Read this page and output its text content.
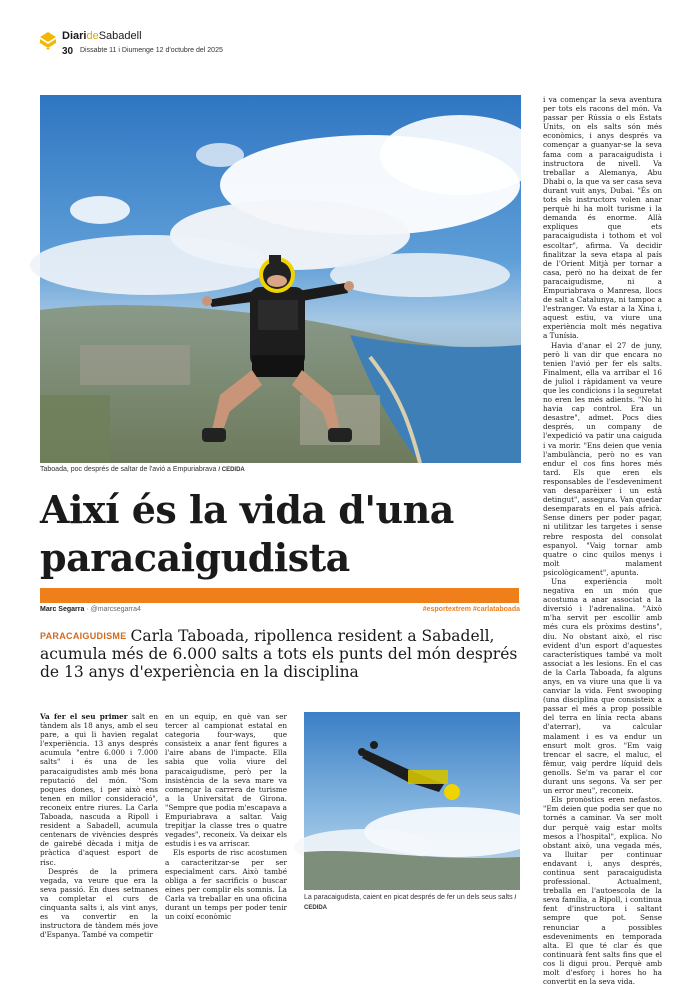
DiarideSabadell
30 Dissabte 11 i Diumenge 12 d'octubre del 2025
Taboada, poc després de saltar de l'avió a Empuriabrava / CEDIDA
Així és la vida d'una paracaigudista
Marc Segarra · @marcsegarra4	#esportextrem #carlataboada
PARACAIGUDISME Carla Taboada, ripollenca resident a Sabadell, acumula més de 6.000 salts a tots els punts del món després de 13 anys d'experiència en la disciplina

Va fer el seu primer salt en tàndem als 18 anys, amb el seu pare, a qui li havien regalat l'experiència. 13 anys després acumula "entre 6.000 i 7.000 salts" i és una de les paracaigudistes amb més bona reputació del món. "Som poques dones, i per això ens tenen en millor consideració", reconeix entre riures. La Carla Taboada, nascuda a Ripoll i resident a Sabadell, acumula centenars de vivències després de gairebé dècada i mitja de pràctica d'aquest esport de risc.

Després de la primera vegada, va veure que era la seva passió. En dues setmanes va completar el curs de cinquanta salts i, als vint anys, es va convertir en la instructora de tàndem més jove d'Espanya. També va competir

en un equip, en què van ser tercer al campionat estatal en categoria four-ways, que consisteix a anar fent figures a l'aire abans de l'impacte. Ella sabia que volia viure del paracaigudisme, però per la insistència de la seva mare va començar la carrera de turisme a la Universitat de Girona. "Sempre que podia m'escapava a Empuriabrava a saltar. Vaig trepitjar la classe tres o quatre vegades", reconeix. Va deixar els estudis i es va arriscar.

Els esports de risc acostumen a caracteritzar-se per ser especialment cars. Això també obliga a fer sacrificis o buscar eines per complir els somnis. La Carla va treballar en una oficina durant un temps per poder tenir un coixí econòmic

La paracaigudista, caient en picat després de fer un dels seus salts / CEDIDA

i va començar la seva aventura per tots els racons del món. Va passar per Rússia o els Estats Units, on els salts són més econòmics, i anys després va començar a guanyar-se la seva fama com a paracaigudista i instructora de nivell. Va treballar a Alemanya, Abu Dhabi o, la que va ser casa seva durant vuit anys, Dubai. "És on tots els instructors volen anar perquè hi ha molt turisme i la demanda és enorme. Allà expliques que ets paracaigudista i tothom et vol escoltar", afirma. Va decidir finalitzar la seva etapa al país de l'Orient Mitjà per tornar a casa, però no ha deixat de fer paracaigudisme, ni a Empuriabrava o Manresa, llocs de salt a Catalunya, ni tampoc a l'estranger. Va estar a la Xina i, aquest estiu, va viure una experiència molt més negativa a Tunísia.

Havia d'anar el 27 de juny, però li van dir que encara no tenien l'avió per fer els salts. Finalment, ella va arribar el 16 de juliol i ràpidament va veure que les condicions i la seguretat no eren les més adients. "No hi havia cap control. Era un desastre", admet. Pocs dies després, un company de l'expedició va patir una caiguda i va morir. "Ens deien que venia l'ambulància, però no es van endur el cos fins hores més tard. Els que eren els responsables de l'esdeveniment van desaparèixer i un està detingut", assegura. Van quedar desemparats en el país africà. Sense diners per poder pagar, ni utilitzar les targetes i sense rebre resposta del consolat espanyol. "Vaig tornar amb quatre o cinc quilos menys i molt malament psicològicament", apunta.

Una experiència molt negativa en un món que acostuma a anar associat a la diversió i l'adrenalina. "Això m'ha servit per escollir amb més cura els pròxims destins", diu. No obstant això, el risc evident d'un esport d'aquestes característiques també va molt associat a les lesions. En el cas de la Carla Taboada, fa alguns anys, en va viure una que li va canviar la vida. Fent swooping (una disciplina que consisteix a passar el més a prop possible del terra en línia recta abans d'aterrar), va calcular malament i es va endur un ensurt molt gros. "Em vaig trencar el sacre, el maluc, el fèmur, vaig perdre líquid dels genolls. Se'm va parar el cor durant uns segons. Va ser per un error meu", reconeix.

Els pronòstics eren nefastos. "Em deien que podia ser que no tornés a caminar. Va ser molt dur perquè vaig estar molts mesos a l'hospital", explica. No obstant això, una vegada més, va lluitar per continuar endavant i, anys després, continua sent paracaigudista professional. Actualment, treballa en l'autoescola de la seva família, a Ripoll, i continua fent d'instructora i saltant sempre que pot. Sense renunciar a possibles esdeveniments en temporada alta. El que té clar és que continuarà fent salts fins que el cos li digui prou. Perquè amb molt d'esforç i hores ho ha convertit en la seva vida.
